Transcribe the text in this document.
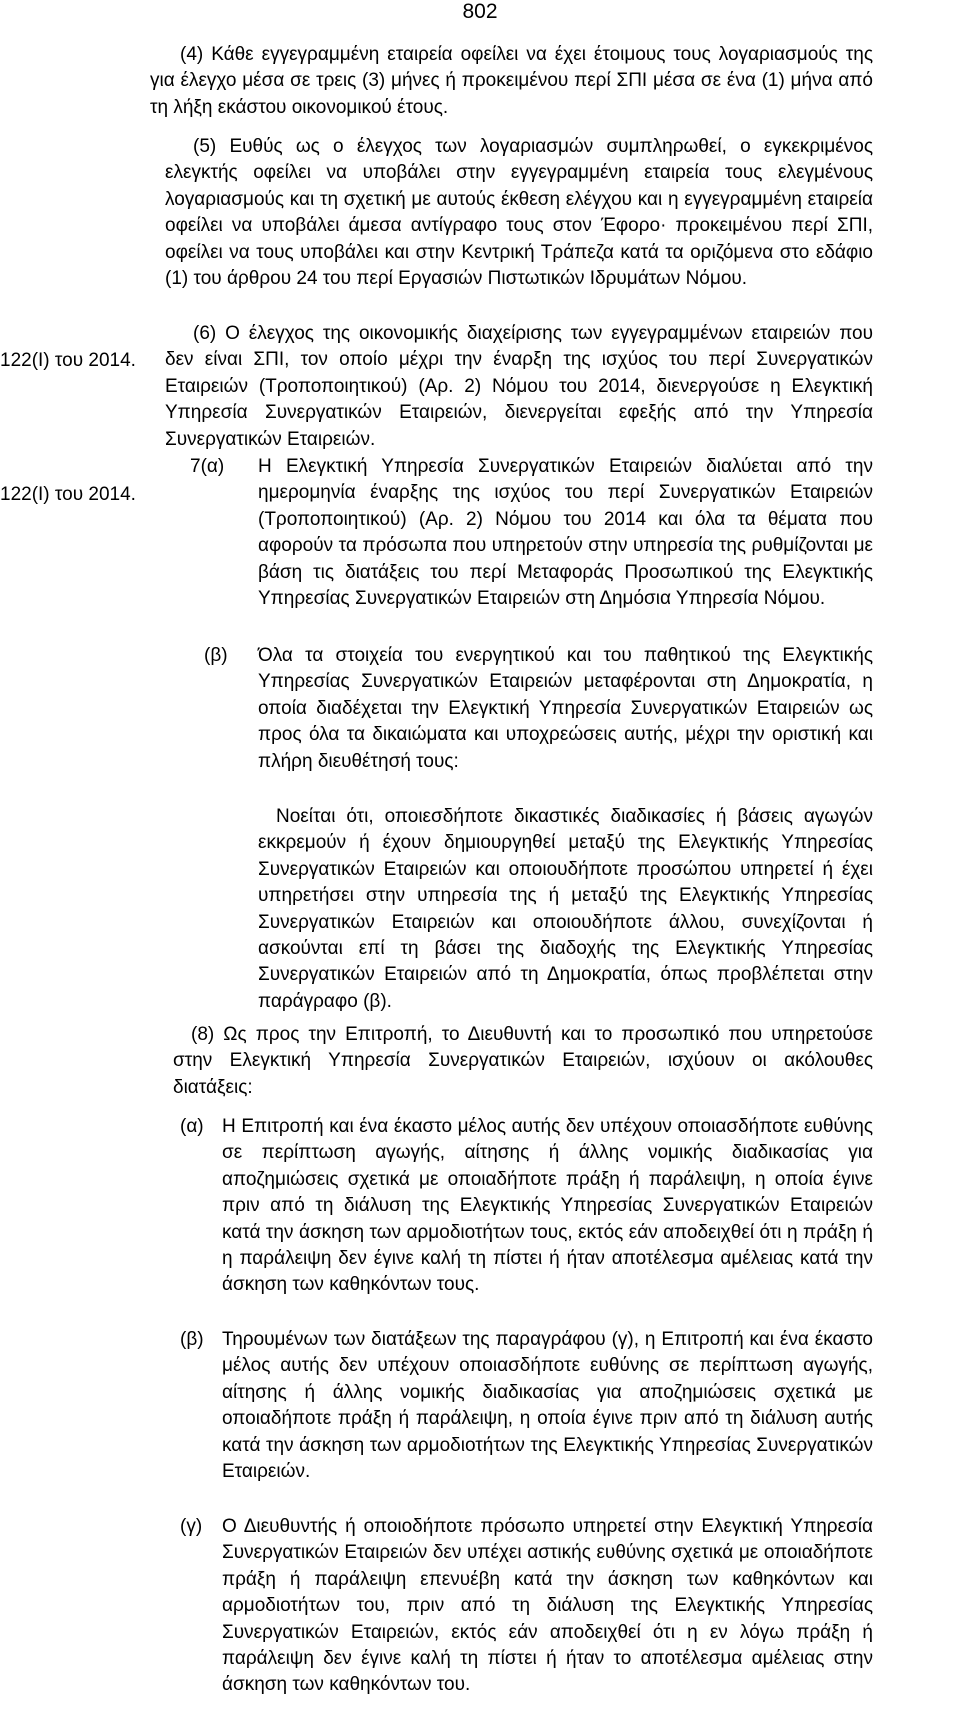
802

(4) Κάθε εγγεγραμμένη εταιρεία οφείλει να έχει έτοιμους τους λογαριασμούς της για έλεγχο μέσα σε τρεις (3) μήνες ή προκειμένου περί ΣΠΙ μέσα σε ένα (1) μήνα από τη λήξη εκάστου οικονομικού έτους.

(5) Ευθύς ως ο έλεγχος των λογαριασμών συμπληρωθεί, ο εγκεκριμένος ελεγκτής οφείλει να υποβάλει στην εγγεγραμμένη εταιρεία τους ελεγμένους λογαριασμούς και τη σχετική με αυτούς έκθεση ελέγχου και η εγγεγραμμένη εταιρεία οφείλει να υποβάλει άμεσα αντίγραφο τους στον Έφορο· προκειμένου περί ΣΠΙ, οφείλει να τους υποβάλει και στην Κεντρική Τράπεζα κατά τα οριζόμενα στο εδάφιο (1) του άρθρου 24 του περί Εργασιών Πιστωτικών Ιδρυμάτων Νόμου.

122(I) του 2014.

(6) Ο έλεγχος της οικονομικής διαχείρισης των εγγεγραμμένων εταιρειών που δεν είναι ΣΠΙ, τον οποίο μέχρι την έναρξη της ισχύος του περί Συνεργατικών Εταιρειών (Τροποποιητικού) (Αρ. 2) Νόμου του 2014, διενεργούσε η Ελεγκτική Υπηρεσία Συνεργατικών Εταιρειών, διενεργείται εφεξής από την Υπηρεσία Συνεργατικών Εταιρειών.

122(I) του 2014.
7(α) Η Ελεγκτική Υπηρεσία Συνεργατικών Εταιρειών διαλύεται από την ημερομηνία έναρξης της ισχύος του περί Συνεργατικών Εταιρειών (Τροποποιητικού) (Αρ. 2) Νόμου του 2014 και όλα τα θέματα που αφορούν τα πρόσωπα που υπηρετούν στην υπηρεσία της ρυθμίζονται με βάση τις διατάξεις του περί Μεταφοράς Προσωπικού της Ελεγκτικής Υπηρεσίας Συνεργατικών Εταιρειών στη Δημόσια Υπηρεσία Νόμου.

(β) Όλα τα στοιχεία του ενεργητικού και του παθητικού της Ελεγκτικής Υπηρεσίας Συνεργατικών Εταιρειών μεταφέρονται στη Δημοκρατία, η οποία διαδέχεται την Ελεγκτική Υπηρεσία Συνεργατικών Εταιρειών ως προς όλα τα δικαιώματα και υποχρεώσεις αυτής, μέχρι την οριστική και πλήρη διευθέτησή τους:

Νοείται ότι, οποιεσδήποτε δικαστικές διαδικασίες ή βάσεις αγωγών εκκρεμούν ή έχουν δημιουργηθεί μεταξύ της Ελεγκτικής Υπηρεσίας Συνεργατικών Εταιρειών και οποιουδήποτε προσώπου υπηρετεί ή έχει υπηρετήσει στην υπηρεσία της ή μεταξύ της Ελεγκτικής Υπηρεσίας Συνεργατικών Εταιρειών και οποιουδήποτε άλλου, συνεχίζονται ή ασκούνται επί τη βάσει της διαδοχής της Ελεγκτικής Υπηρεσίας Συνεργατικών Εταιρειών από τη Δημοκρατία, όπως προβλέπεται στην παράγραφο (β).

(8) Ως προς την Επιτροπή, το Διευθυντή και το προσωπικό που υπηρετούσε στην Ελεγκτική Υπηρεσία Συνεργατικών Εταιρειών, ισχύουν οι ακόλουθες διατάξεις:

(α) Η Επιτροπή και ένα έκαστο μέλος αυτής δεν υπέχουν οποιασδήποτε ευθύνης σε περίπτωση αγωγής, αίτησης ή άλλης νομικής διαδικασίας για αποζημιώσεις σχετικά με οποιαδήποτε πράξη ή παράλειψη, η οποία έγινε πριν από τη διάλυση της Ελεγκτικής Υπηρεσίας Συνεργατικών Εταιρειών κατά την άσκηση των αρμοδιοτήτων τους, εκτός εάν αποδειχθεί ότι η πράξη ή η παράλειψη δεν έγινε καλή τη πίστει ή ήταν αποτέλεσμα αμέλειας κατά την άσκηση των καθηκόντων τους.

(β) Τηρουμένων των διατάξεων της παραγράφου (γ), η Επιτροπή και ένα έκαστο μέλος αυτής δεν υπέχουν οποιασδήποτε ευθύνης σε περίπτωση αγωγής, αίτησης ή άλλης νομικής διαδικασίας για αποζημιώσεις σχετικά με οποιαδήποτε πράξη ή παράλειψη, η οποία έγινε πριν από τη διάλυση αυτής κατά την άσκηση των αρμοδιοτήτων της Ελεγκτικής Υπηρεσίας Συνεργατικών Εταιρειών.

(γ) Ο Διευθυντής ή οποιοδήποτε πρόσωπο υπηρετεί στην Ελεγκτική Υπηρεσία Συνεργατικών Εταιρειών δεν υπέχει αστικής ευθύνης σχετικά με οποιαδήποτε πράξη ή παράλειψη επενυέβη κατά την άσκηση των καθηκόντων και αρμοδιοτήτων του, πριν από τη διάλυση της Ελεγκτικής Υπηρεσίας Συνεργατικών Εταιρειών, εκτός εάν αποδειχθεί ότι η εν λόγω πράξη ή παράλειψη δεν έγινε καλή τη πίστει ή ήταν το αποτέλεσμα αμέλειας στην άσκηση των καθηκόντων του.
